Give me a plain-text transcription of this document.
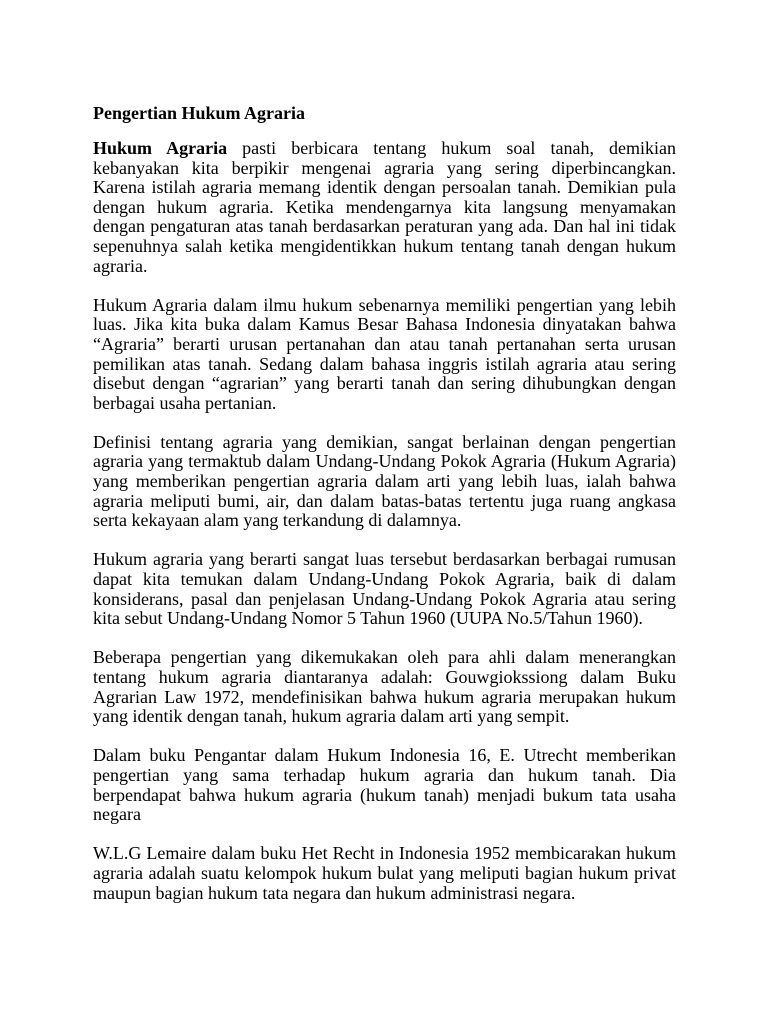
Pengertian Hukum Agraria
Hukum Agraria pasti berbicara tentang hukum soal tanah, demikian
kebanyakan kita berpikir mengenai agraria yang sering diperbincangkan.
Karena istilah agraria memang identik dengan persoalan tanah. Demikian pula
dengan hukum agraria. Ketika mendengarnya kita langsung menyamakan
dengan pengaturan atas tanah berdasarkan peraturan yang ada. Dan hal ini tidak
sepenuhnya salah ketika mengidentikkan hukum tentang tanah dengan hukum
agraria.
Hukum Agraria dalam ilmu hukum sebenarnya memiliki pengertian yang lebih
luas. Jika kita buka dalam Kamus Besar Bahasa Indonesia dinyatakan bahwa
“Agraria” berarti urusan pertanahan dan atau tanah pertanahan serta urusan
pemilikan atas tanah. Sedang dalam bahasa inggris istilah agraria atau sering
disebut dengan “agrarian” yang berarti tanah dan sering dihubungkan dengan
berbagai usaha pertanian.
Definisi tentang agraria yang demikian, sangat berlainan dengan pengertian
agraria yang termaktub dalam Undang-Undang Pokok Agraria (Hukum Agraria)
yang memberikan pengertian agraria dalam arti yang lebih luas, ialah bahwa
agraria meliputi bumi, air, dan dalam batas-batas tertentu juga ruang angkasa
serta kekayaan alam yang terkandung di dalamnya.
Hukum agraria yang berarti sangat luas tersebut berdasarkan berbagai rumusan
dapat kita temukan dalam Undang-Undang Pokok Agraria, baik di dalam
konsiderans, pasal dan penjelasan Undang-Undang Pokok Agraria atau sering
kita sebut Undang-Undang Nomor 5 Tahun 1960 (UUPA No.5/Tahun 1960).
Beberapa pengertian yang dikemukakan oleh para ahli dalam menerangkan
tentang hukum agraria diantaranya adalah: Gouwgiokssiong dalam Buku
Agrarian Law 1972, mendefinisikan bahwa hukum agraria merupakan hukum
yang identik dengan tanah, hukum agraria dalam arti yang sempit.
Dalam buku Pengantar dalam Hukum Indonesia 16, E. Utrecht memberikan
pengertian yang sama terhadap hukum agraria dan hukum tanah. Dia
berpendapat bahwa hukum agraria (hukum tanah) menjadi bukum tata usaha
negara
W.L.G Lemaire dalam buku Het Recht in Indonesia 1952 membicarakan hukum
agraria adalah suatu kelompok hukum bulat yang meliputi bagian hukum privat
maupun bagian hukum tata negara dan hukum administrasi negara.
